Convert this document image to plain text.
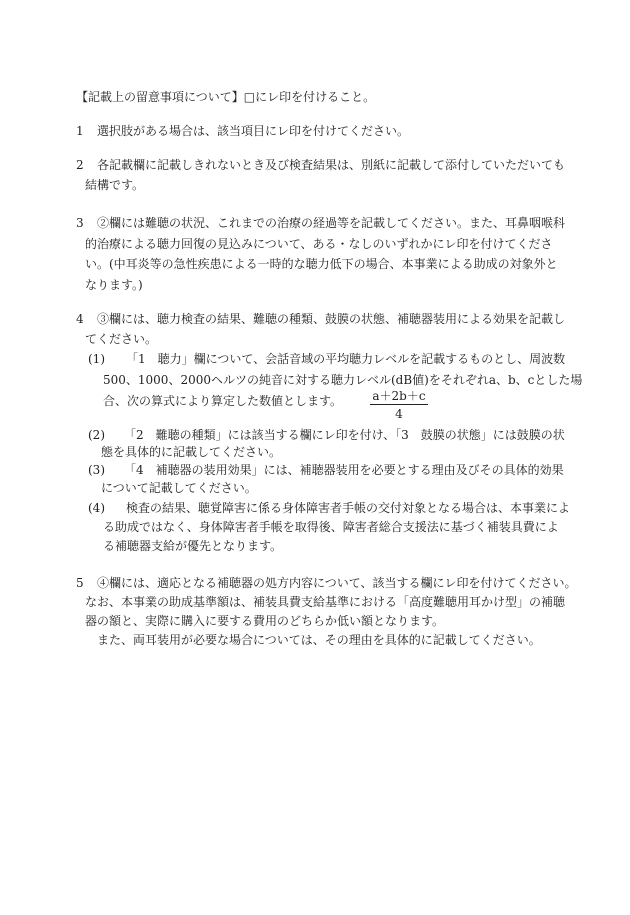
【記載上の留意事項について】□にレ印を付けること。
1 選択肢がある場合は、該当項目にレ印を付けてください。
2 各記載欄に記載しきれないとき及び検査結果は、別紙に記載して添付していただいても
結構です。
3 ②欄には難聴の状況、これまでの治療の経過等を記載してください。また、耳鼻咽喉科
的治療による聴力回復の見込みについて、ある・なしのいずれかにレ印を付けてくださ
い。(中耳炎等の急性疾患による一時的な聴力低下の場合、本事業による助成の対象外と
なります。)
4 ③欄には、聴力検査の結果、難聴の種類、鼓膜の状態、補聴器装用による効果を記載し
てください。
(1) 「1　聴力」欄について、会話音域の平均聴力レベルを記載するものとし、周波数
500、1000、2000ヘルツの純音に対する聴力レベル(dB値)をそれぞれa、b、cとした場
合、次の算式により算定した数値とします。	a＋2b＋c
4
(2) 「2　難聴の種類」には該当する欄にレ印を付け、「3　鼓膜の状態」には鼓膜の状
態を具体的に記載してください。
(3) 「4　補聴器の装用効果」には、補聴器装用を必要とする理由及びその具体的効果
について記載してください。
(4) 検査の結果、聴覚障害に係る身体障害者手帳の交付対象となる場合は、本事業によ
る助成ではなく、身体障害者手帳を取得後、障害者総合支援法に基づく補装具費によ
る補聴器支給が優先となります。
5 ④欄には、適応となる補聴器の処方内容について、該当する欄にレ印を付けてください。
なお、本事業の助成基準額は、補装具費支給基準における「高度難聴用耳かけ型」の補聴
器の額と、実際に購入に要する費用のどちらか低い額となります。
また、両耳装用が必要な場合については、その理由を具体的に記載してください。
